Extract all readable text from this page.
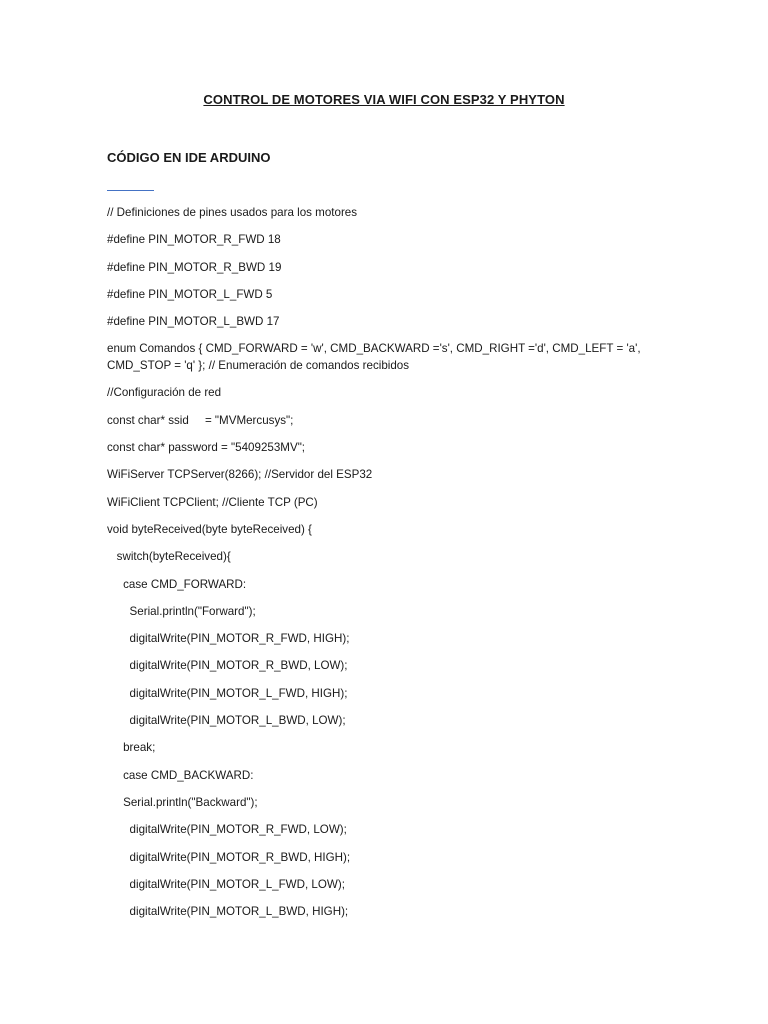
CONTROL DE MOTORES VIA WIFI CON ESP32 Y PHYTON
CÓDIGO EN IDE ARDUINO
// Definiciones de pines usados para los motores
#define PIN_MOTOR_R_FWD 18
#define PIN_MOTOR_R_BWD 19
#define PIN_MOTOR_L_FWD 5
#define PIN_MOTOR_L_BWD 17
enum Comandos { CMD_FORWARD = 'w', CMD_BACKWARD ='s', CMD_RIGHT ='d', CMD_LEFT = 'a', CMD_STOP = 'q' }; // Enumeración de comandos recibidos
//Configuración de red
const char* ssid     = "MVMercusys";
const char* password = "5409253MV";
WiFiServer TCPServer(8266); //Servidor del ESP32
WiFiClient TCPClient; //Cliente TCP (PC)
void byteReceived(byte byteReceived) {
switch(byteReceived){
case CMD_FORWARD:
Serial.println("Forward");
digitalWrite(PIN_MOTOR_R_FWD, HIGH);
digitalWrite(PIN_MOTOR_R_BWD, LOW);
digitalWrite(PIN_MOTOR_L_FWD, HIGH);
digitalWrite(PIN_MOTOR_L_BWD, LOW);
break;
case CMD_BACKWARD:
Serial.println("Backward");
digitalWrite(PIN_MOTOR_R_FWD, LOW);
digitalWrite(PIN_MOTOR_R_BWD, HIGH);
digitalWrite(PIN_MOTOR_L_FWD, LOW);
digitalWrite(PIN_MOTOR_L_BWD, HIGH);
